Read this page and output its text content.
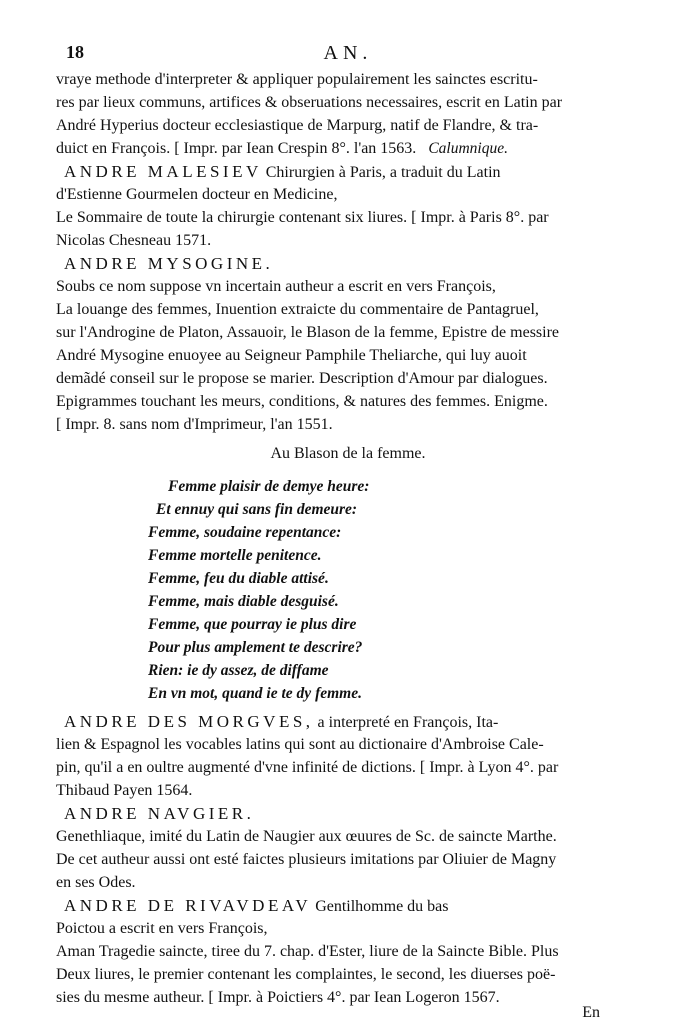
18	AN.
vraye methode d'interpreter & appliquer populairement les sainctes escritu-
res par lieux communs, artifices & obseruations necessaires, escrit en Latin par
André Hyperius docteur ecclesiastique de Marpurg, natif de Flandre, & tra-
duict en François. [ Impr. par Iean Crespin 8°. l'an 1563. Calumnique.
ANDRE MALESIEV Chirurgien à Paris, a traduit du Latin
d'Estienne Gourmelen docteur en Medicine,
Le Sommaire de toute la chirurgie contenant six liures. [ Impr. à Paris 8°. par
Nicolas Chesneau 1571.
ANDRE MYSOGINE.
Soubs ce nom suppose vn incertain autheur a escrit en vers François,
La louange des femmes, Inuention extraicte du commentaire de Pantagruel,
sur l'Androgine de Platon, Assauoir, le Blason de la femme, Epistre de messire
André Mysogine enuoyee au Seigneur Pamphile Theliarche, qui luy auoit
demãdé conseil sur le propose se marier. Description d'Amour par dialogues.
Epigrammes touchant les meurs, conditions, & natures des femmes. Enigme.
[ Impr. 8. sans nom d'Imprimeur, l'an 1551.
Au Blason de la femme.
Femme plaisir de demye heure:
Et ennuy qui sans fin demeure:
Femme, soudaine repentance:
Femme mortelle penitence.
Femme, feu du diable attisé.
Femme, mais diable desguisé.
Femme, que pourray ie plus dire
Pour plus amplement te descrire?
Rien: ie dy assez, de diffame
En vn mot, quand ie te dy femme.
ANDRE DES MORGVES, a interpreté en François, Ita-
lien & Espagnol les vocables latins qui sont au dictionaire d'Ambroise Cale-
pin, qu'il a en oultre augmenté d'vne infinité de dictions. [ Impr. à Lyon 4°. par
Thibaud Payen 1564.
ANDRE NAVGIER.
Genethliaque, imité du Latin de Naugier aux œuures de Sc. de saincte Marthe.
De cet autheur aussi ont esté faictes plusieurs imitations par Oliuier de Magny
en ses Odes.
ANDRE DE RIVAVDEAV Gentilhomme du bas
Poictou a escrit en vers François,
Aman Tragedie saincte, tiree du 7. chap. d'Ester, liure de la Saincte Bible. Plus
Deux liures, le premier contenant les complaintes, le second, les diuerses poë-
sies du mesme autheur. [ Impr. à Poictiers 4°. par Iean Logeron 1567.
En
